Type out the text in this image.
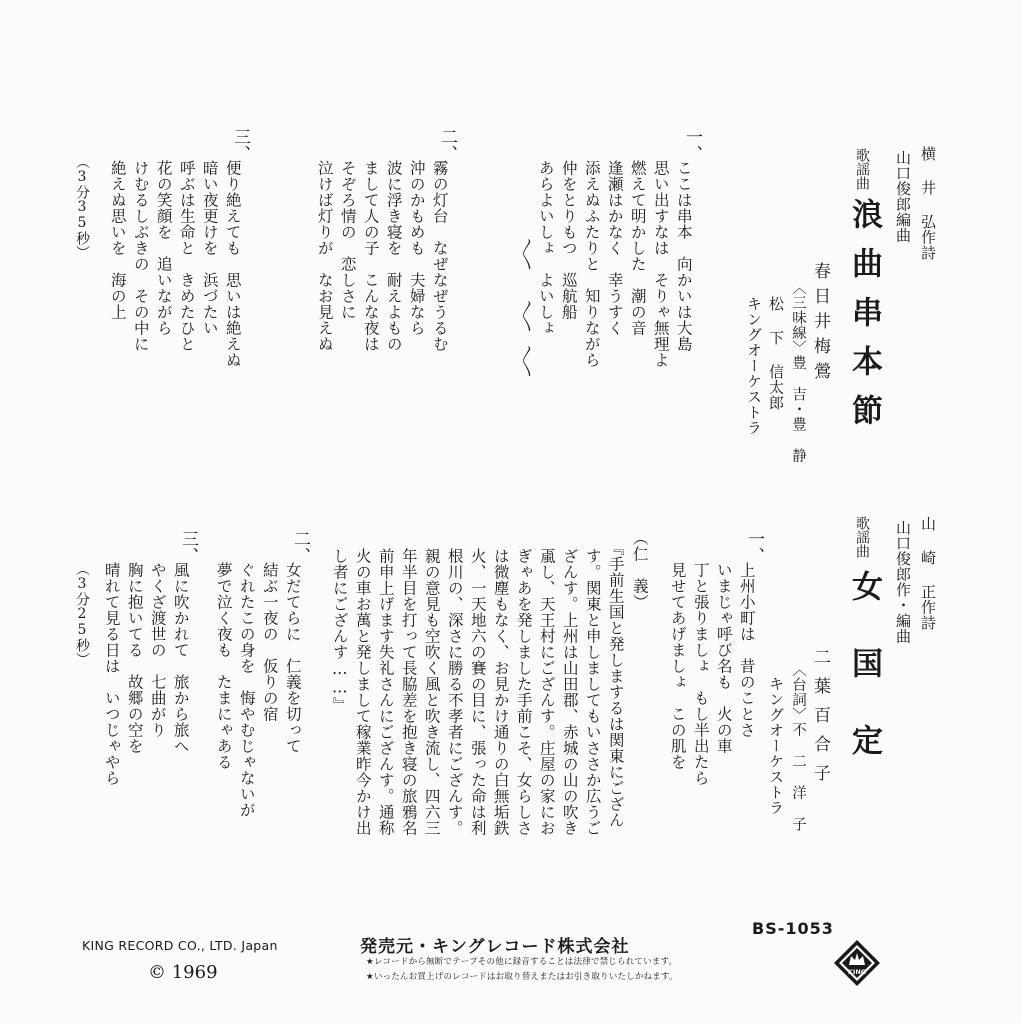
横 井 弘作詩
山口俊郎編曲
歌謡曲
浪曲串本節
春日井梅鶯
〈三味線〉豊 吉・豊 静
松 下 信太郎
キングオーケストラ
一、
ここは串本　向かいは大島
思い出すなは　そりゃ無理よ
燃えて明かした　潮の音
逢瀬はかなく　幸うすく
添えぬふたりと　知りながら
仲をとりもつ　巡航船
あらよいしょ　よいしょ
〳〵
〳〵
〳〵
二、
霧の灯台　なぜなぜうるむ
沖のかもめも　夫婦なら
波に浮き寝を　耐えよもの
まして人の子　こんな夜は
そぞろ情の　恋しさに
泣けば灯りが　なお見えぬ
三、
便り絶えても　思いは絶えぬ
暗い夜更けを　浜づたい
呼ぶは生命と　きめたひと
花の笑顔を　追いながら
けむるしぶきの　その中に
絶えぬ思いを　海の上
（3分35秒）
山 崎 正作詩
山口俊郎作・編曲
歌謡曲
女国定
二葉百合子
〈台詞〉不 二 洋 子
キングオーケストラ
一、
上州小町は　昔のことさ
いまじゃ呼び名も　火の車
丁と張りましょ　もし半出たら
見せてあげましょ　この肌を
（仁　義）
『手前生国と発しまするは関東にござん
す。関東と申しましてもいささか広うご
ざんす。上州は山田郡、赤城の山の吹き
颪し、天王村にござんす。庄屋の家にお
ぎゃあを発しました手前こそ、女らしさ
は微塵もなく、お見かけ通りの白無垢鉄
火、一天地六の賽の目に、張った命は利
根川の、深さに勝る不孝者にござんす。
親の意見も空吹く風と吹き流し、四六三
年半目を打って長脇差を抱き寝の旅鴉名
前申上げます失礼さんにござんす。通称
火の車お萬と発しまして稼業昨今かけ出
し者にござんす……』
二、
女だてらに　仁義を切って
結ぶ一夜の　仮りの宿
ぐれたこの身を　悔やむじゃないが
夢で泣く夜も　たまにゃある
三、
風に吹かれて　旅から旅へ
やくざ渡世の　七曲がり
胸に抱いてる　故郷の空を
晴れて見る日は　いつじゃやら
（3分25秒）
KING RECORD CO., LTD. Japan
© 1969
発売元・キングレコード株式会社
★レコードから無断でテープその他に録音することは法律で禁じられています。
★いったんお買上げのレコードはお取り替えまたはお引き取りいたしかねます。
BS-1053
KING
